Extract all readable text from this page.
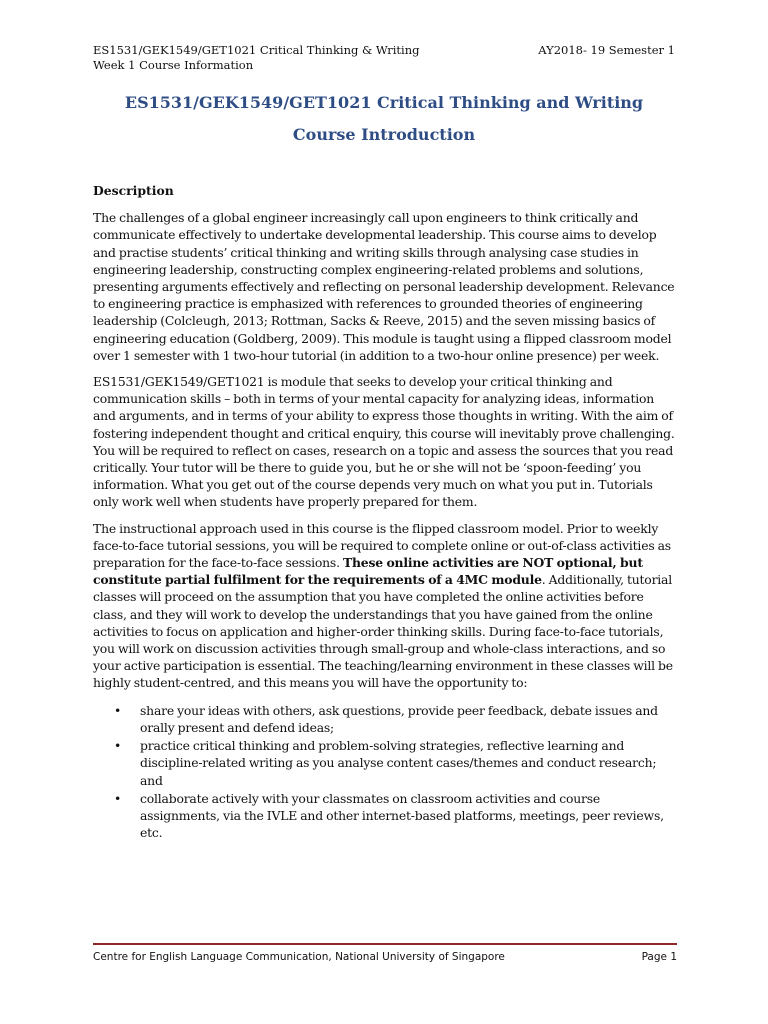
ES1531/GEK1549/GET1021 Critical Thinking & Writing	AY2018- 19 Semester 1
Week 1 Course Information
ES1531/GEK1549/GET1021 Critical Thinking and Writing
Course Introduction

Description

The challenges of a global engineer increasingly call upon engineers to think critically and communicate effectively to undertake developmental leadership. This course aims to develop and practise students’ critical thinking and writing skills through analysing case studies in engineering leadership, constructing complex engineering-related problems and solutions, presenting arguments effectively and reflecting on personal leadership development. Relevance to engineering practice is emphasized with references to grounded theories of engineering leadership (Colcleugh, 2013; Rottman, Sacks & Reeve, 2015) and the seven missing basics of engineering education (Goldberg, 2009). This module is taught using a flipped classroom model over 1 semester with 1 two-hour tutorial (in addition to a two-hour online presence) per week.

ES1531/GEK1549/GET1021 is module that seeks to develop your critical thinking and communication skills – both in terms of your mental capacity for analyzing ideas, information and arguments, and in terms of your ability to express those thoughts in writing. With the aim of fostering independent thought and critical enquiry, this course will inevitably prove challenging. You will be required to reflect on cases, research on a topic and assess the sources that you read critically. Your tutor will be there to guide you, but he or she will not be ‘spoon-feeding’ you information. What you get out of the course depends very much on what you put in. Tutorials only work well when students have properly prepared for them.

The instructional approach used in this course is the flipped classroom model. Prior to weekly face-to-face tutorial sessions, you will be required to complete online or out-of-class activities as preparation for the face-to-face sessions. These online activities are NOT optional, but constitute partial fulfilment for the requirements of a 4MC module. Additionally, tutorial classes will proceed on the assumption that you have completed the online activities before class, and they will work to develop the understandings that you have gained from the online activities to focus on application and higher-order thinking skills. During face-to-face tutorials, you will work on discussion activities through small-group and whole-class interactions, and so your active participation is essential. The teaching/learning environment in these classes will be highly student-centred, and this means you will have the opportunity to:

• share your ideas with others, ask questions, provide peer feedback, debate issues and orally present and defend ideas;
• practice critical thinking and problem-solving strategies, reflective learning and discipline-related writing as you analyse content cases/themes and conduct research; and
• collaborate actively with your classmates on classroom activities and course assignments, via the IVLE and other internet-based platforms, meetings, peer reviews, etc.
Centre for English Language Communication, National University of Singapore	Page 1
